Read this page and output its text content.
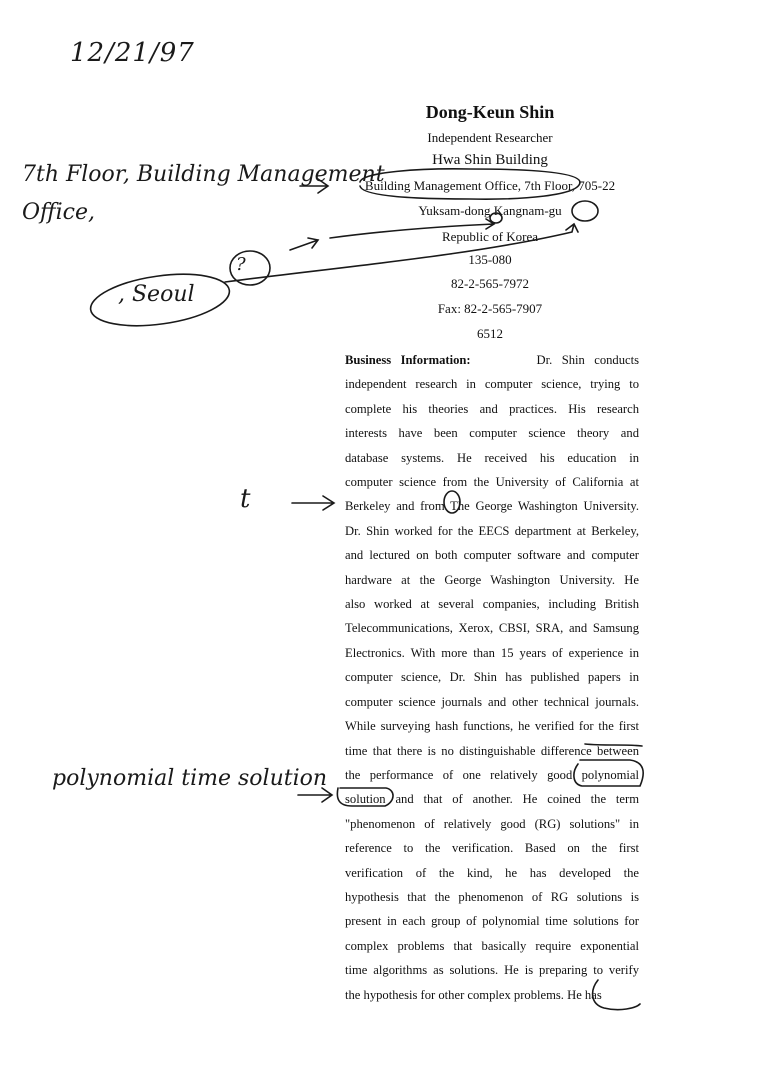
12/21/97
7th Floor, Building Management
Office,
, Seoul
?
t
polynomial time solution
Dong-Keun Shin
Independent Researcher
Hwa Shin Building
Building Management Office, 7th Floor, 705-22
Yuksam-dong Kangnam-gu
Republic of Korea
135-080
82-2-565-7972
Fax: 82-2-565-7907
6512
Business Information:	Dr. Shin conducts
independent research in computer science, trying to
complete his theories and practices. His research
interests have been computer science theory and
database systems. He received his education in
computer science from the University of California at
Berkeley and from The George Washington University.
Dr. Shin worked for the EECS department at Berkeley,
and lectured on both computer software and computer
hardware at the George Washington University. He
also worked at several companies, including British
Telecommunications, Xerox, CBSI, SRA, and Samsung
Electronics. With more than 15 years of experience in
computer science, Dr. Shin has published papers in
computer science journals and other technical journals.
While surveying hash functions, he verified for the first
time that there is no distinguishable difference between
the performance of one relatively good polynomial
solution and that of another. He coined the term
"phenomenon of relatively good (RG) solutions" in
reference to the verification. Based on the first
verification of the kind, he has developed the
hypothesis that the phenomenon of RG solutions is
present in each group of polynomial time solutions for
complex problems that basically require exponential
time algorithms as solutions. He is preparing to verify
the hypothesis for other complex problems. He has
